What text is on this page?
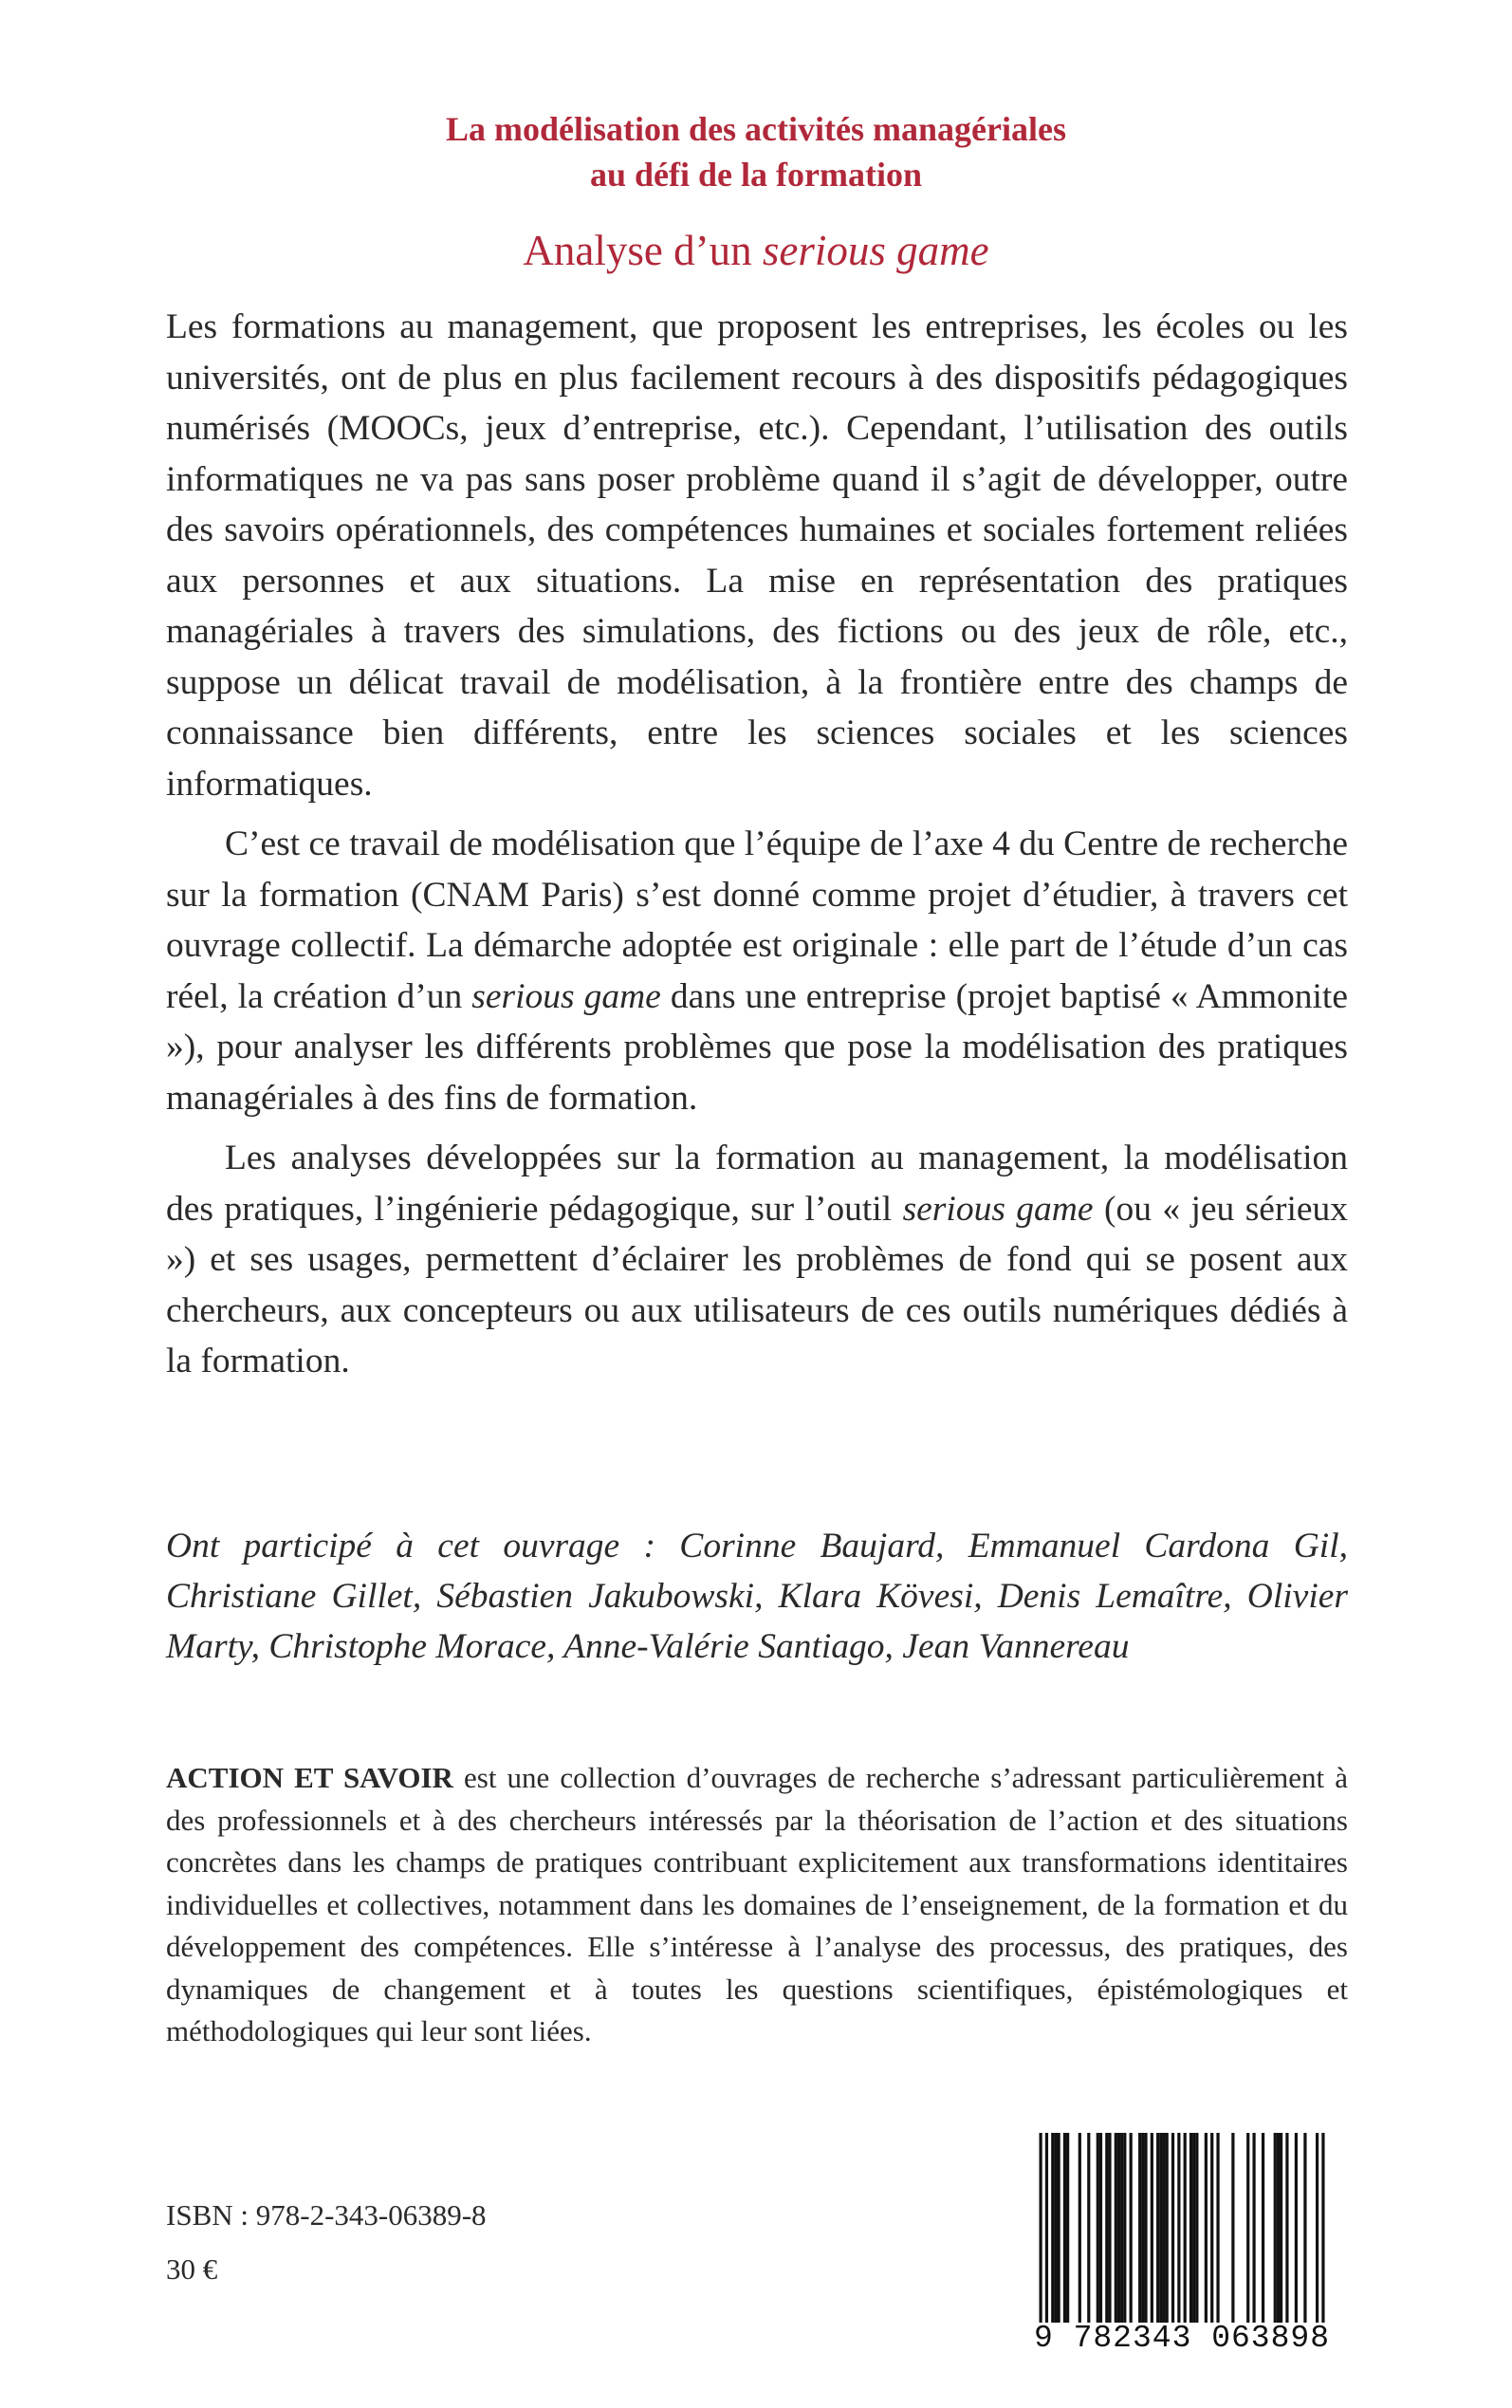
La modélisation des activités managériales
au défi de la formation
Analyse d’un serious game

Les formations au management, que proposent les entreprises, les écoles ou les universités, ont de plus en plus facilement recours à des dispositifs pédagogiques numérisés (MOOCs, jeux d’entreprise, etc.). Cependant, l’utilisation des outils informatiques ne va pas sans poser problème quand il s’agit de développer, outre des savoirs opérationnels, des compétences humaines et sociales fortement reliées aux personnes et aux situations. La mise en représentation des pratiques managériales à travers des simulations, des fictions ou des jeux de rôle, etc., suppose un délicat travail de modélisation, à la frontière entre des champs de connaissance bien différents, entre les sciences sociales et les sciences informatiques.

C’est ce travail de modélisation que l’équipe de l’axe 4 du Centre de recherche sur la formation (CNAM Paris) s’est donné comme projet d’étudier, à travers cet ouvrage collectif. La démarche adoptée est originale : elle part de l’étude d’un cas réel, la création d’un serious game dans une entreprise (projet baptisé « Ammonite »), pour analyser les différents problèmes que pose la modélisation des pratiques managériales à des fins de formation.

Les analyses développées sur la formation au management, la modélisation des pratiques, l’ingénierie pédagogique, sur l’outil serious game (ou « jeu sérieux ») et ses usages, permettent d’éclairer les problèmes de fond qui se posent aux chercheurs, aux concepteurs ou aux utilisateurs de ces outils numériques dédiés à la formation.

Ont participé à cet ouvrage : Corinne Baujard, Emmanuel Cardona Gil, Christiane Gillet, Sébastien Jakubowski, Klara Kövesi, Denis Lemaître, Olivier Marty, Christophe Morace, Anne-Valérie Santiago, Jean Vannereau
ACTION ET SAVOIR est une collection d’ouvrages de recherche s’adressant particulièrement à des professionnels et à des chercheurs intéressés par la théorisation de l’action et des situations concrètes dans les champs de pratiques contribuant explicitement aux transformations identitaires individuelles et collectives, notamment dans les domaines de l’enseignement, de la formation et du développement des compétences. Elle s’intéresse à l’analyse des processus, des pratiques, des dynamiques de changement et à toutes les questions scientifiques, épistémologiques et méthodologiques qui leur sont liées.
ISBN : 978-2-343-06389-8
30 €
9 782343 063898
